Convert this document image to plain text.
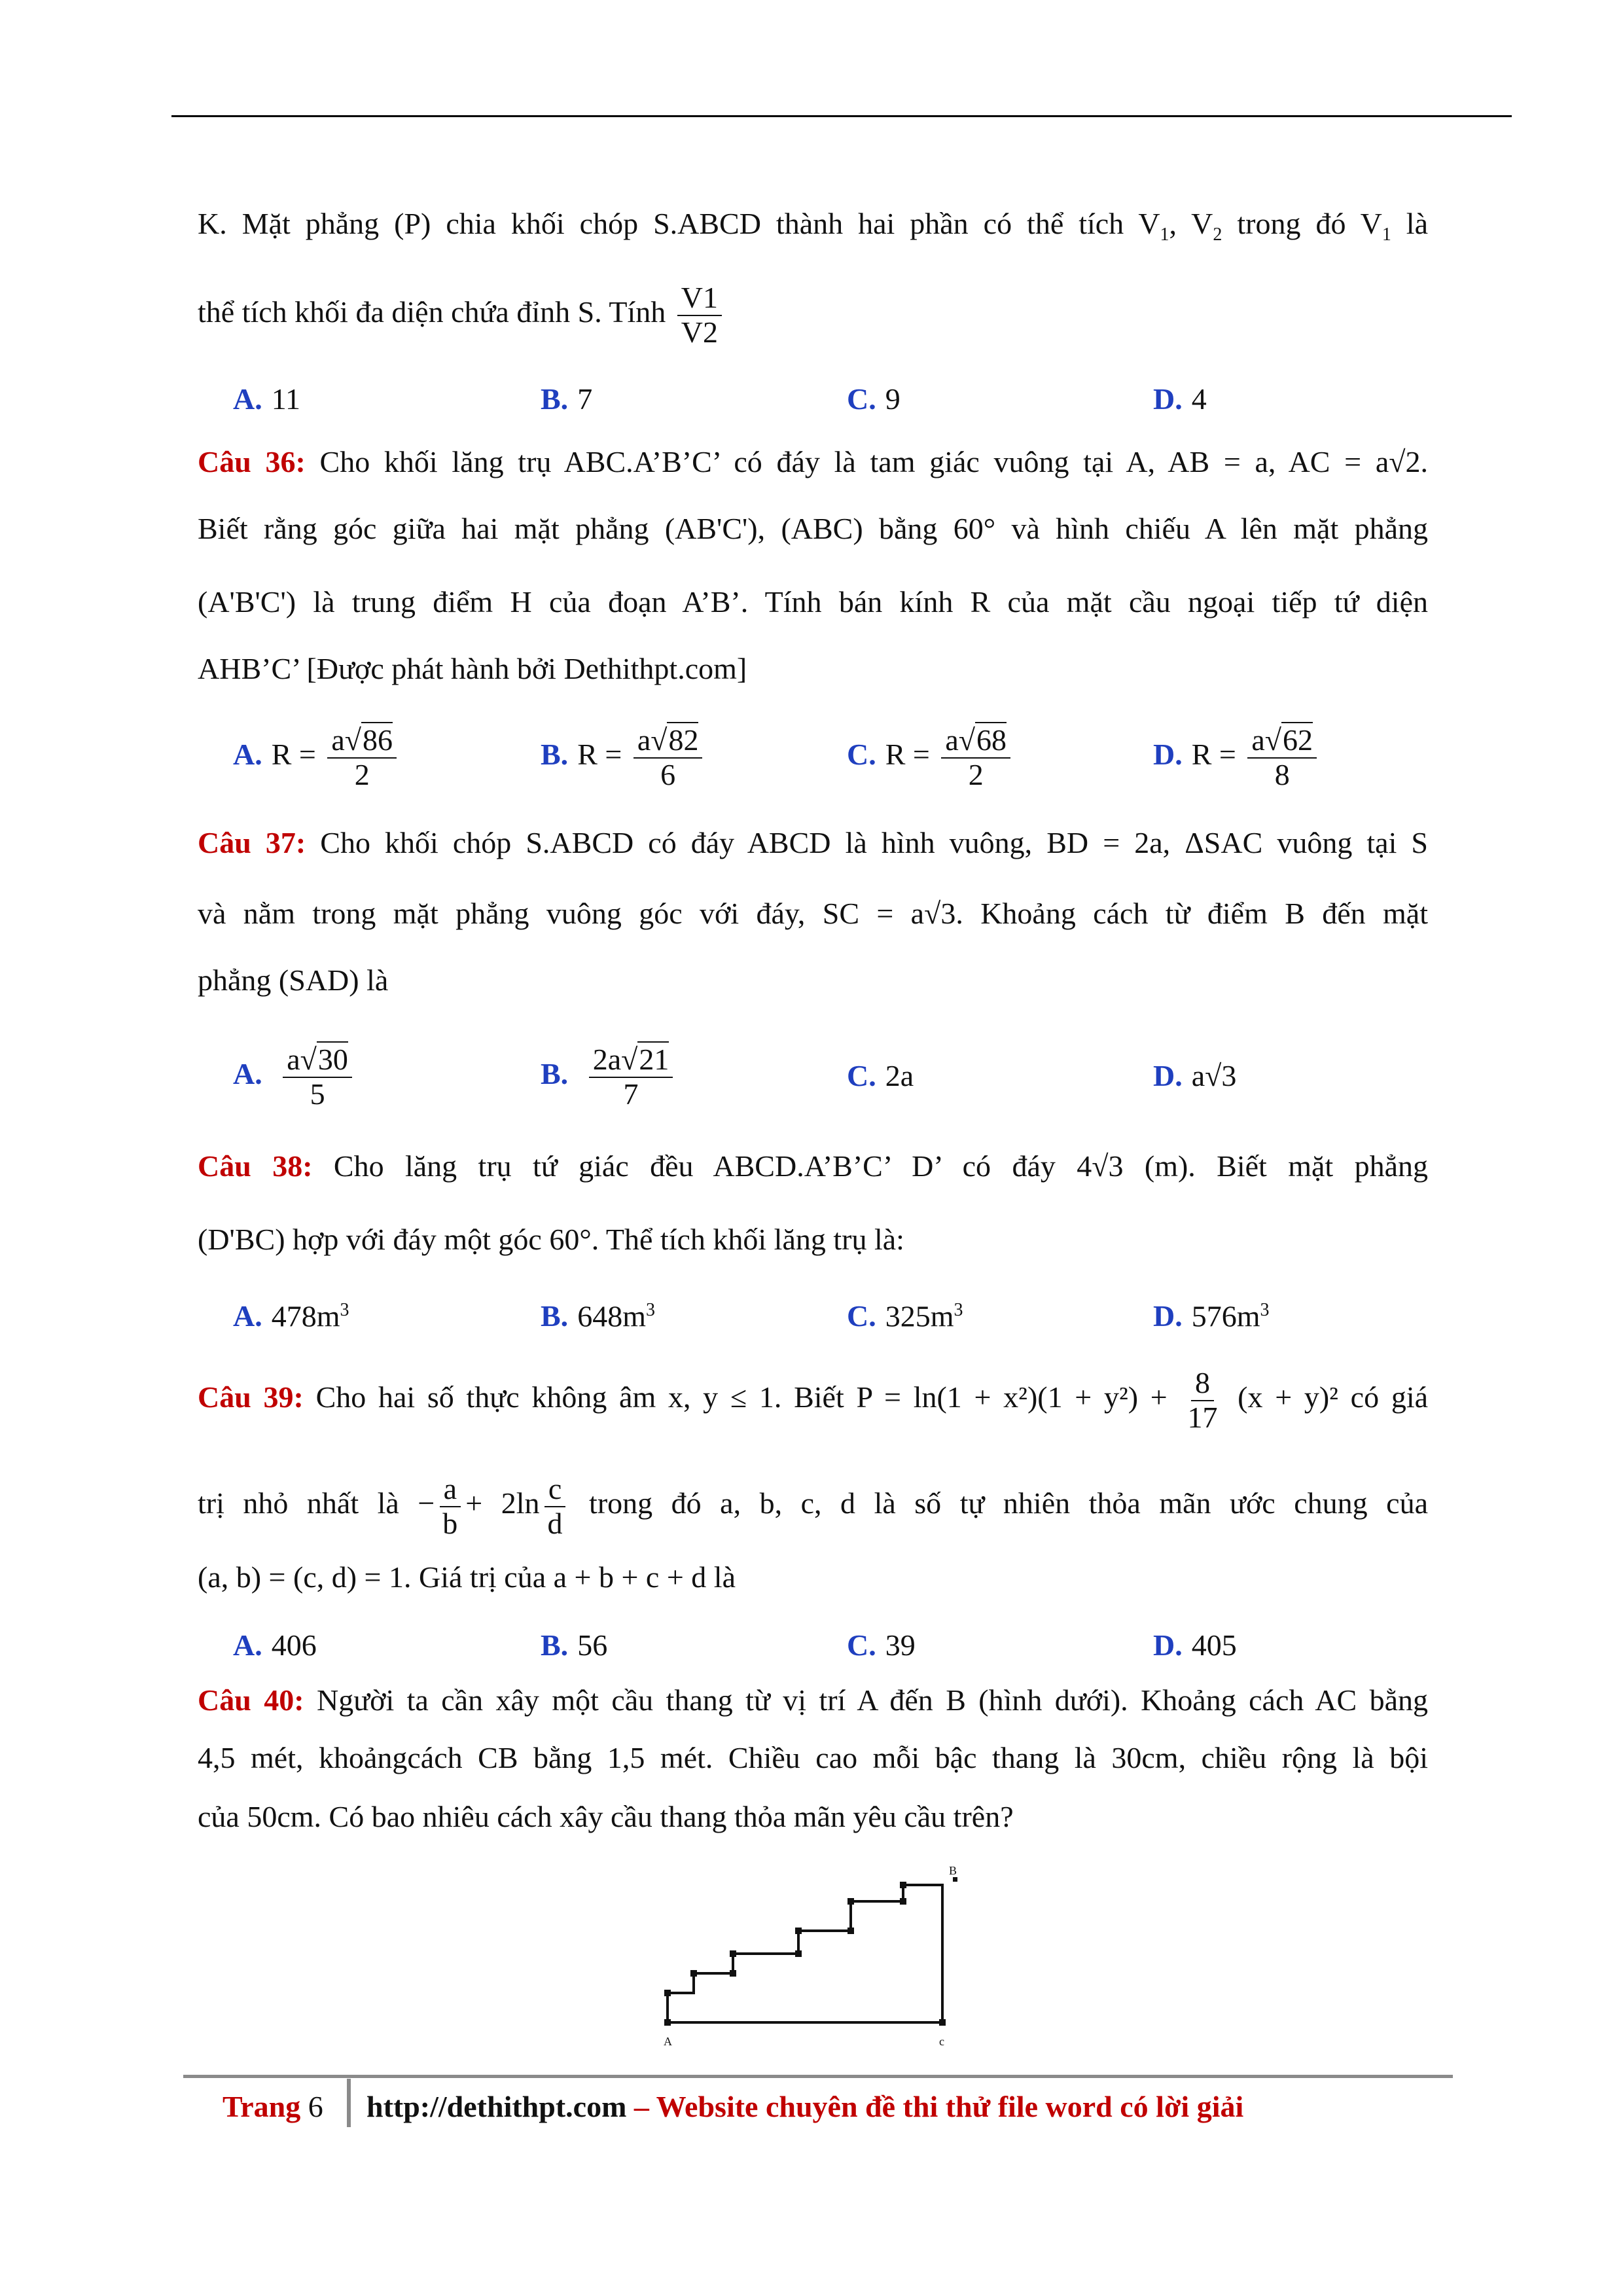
K. Mặt phẳng (P) chia khối chóp S.ABCD thành hai phần có thể tích $V_1$, $V_2$ trong đó $V_1$ là
thể tích khối đa diện chứa đỉnh S. Tính $\frac{V1}{V2}$
A. 11	B. 7	C. 9	D. 4
Câu 36: Cho khối lăng trụ ABC.A’B’C’ có đáy là tam giác vuông tại A, AB = a, AC = a√2.
Biết rằng góc giữa hai mặt phẳng (AB'C'), (ABC) bằng 60° và hình chiếu A lên mặt phẳng
(A'B'C') là trung điểm H của đoạn A’B’. Tính bán kính R của mặt cầu ngoại tiếp tứ diện
AHB’C’ [Được phát hành bởi Dethithpt.com]
A. $R = \frac{a√86}{2}$	B. $R = \frac{a√82}{6}$	C. $R = \frac{a√68}{2}$	D. $R = \frac{a√62}{8}$
Câu 37: Cho khối chóp S.ABCD có đáy ABCD là hình vuông, BD = 2a, ΔSAC vuông tại S
và nằm trong mặt phẳng vuông góc với đáy, SC = a√3. Khoảng cách từ điểm B đến mặt
phẳng (SAD) là
A. $\frac{a√30}{5}$	B. $\frac{2a√21}{7}$	C. 2a	D. a√3
Câu 38: Cho lăng trụ tứ giác đều ABCD.A’B’C’ D’ có đáy 4√3 (m). Biết mặt phẳng
(D'BC) hợp với đáy một góc 60°. Thể tích khối lăng trụ là:
A. $478m^3$	B. $648m^3$	C. $325m^3$	D. $576m^3$
Câu 39: Cho hai số thực không âm x, y ≤ 1. Biết $P = \ln(1 + x^2)(1 + y^2) + \frac{8}{17} (x + y)^2$ có giá
trị nhỏ nhất là − $\frac{a}{b} + 2\ln \frac{c}{d}$ trong đó a, b, c, d là số tự nhiên thỏa mãn ước chung của
(a, b) = (c, d) = 1. Giá trị của a + b + c + d là
A. 406	B. 56	C. 39	D. 405
Câu 40: Người ta cần xây một cầu thang từ vị trí A đến B (hình dưới). Khoảng cách AC bằng
4,5 mét, khoảngcách CB bằng 1,5 mét. Chiều cao mỗi bậc thang là 30cm, chiều rộng là bội
của 50cm. Có bao nhiêu cách xây cầu thang thỏa mãn yêu cầu trên?
A	c
B
Trang 6 http://dethithpt.com – Website chuyên đề thi thử file word có lời giải
